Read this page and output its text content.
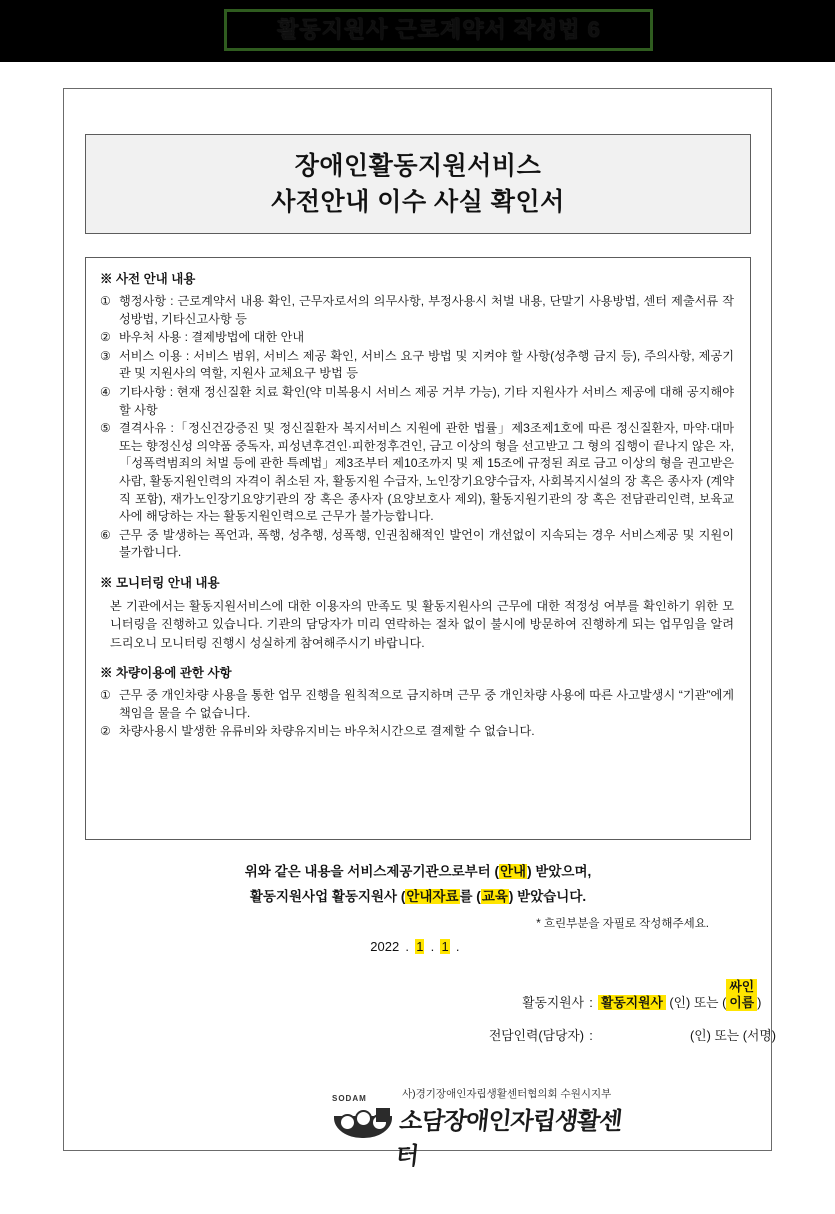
활동지원사 근로계약서 작성법 6
장애인활동지원서비스
사전안내 이수 사실 확인서
※ 사전 안내 내용
① 행정사항 : 근로계약서 내용 확인, 근무자로서의 의무사항, 부정사용시 처벌 내용, 단말기 사용방법, 센터 제출서류 작성방법, 기타신고사항 등
② 바우처 사용 : 결제방법에 대한 안내
③ 서비스 이용 : 서비스 범위, 서비스 제공 확인, 서비스 요구 방법 및 지켜야 할 사항(성추행 금지 등), 주의사항, 제공기관 및 지원사의 역할, 지원사 교체요구 방법 등
④ 기타사항 : 현재 정신질환 치료 확인(약 미복용시 서비스 제공 거부 가능), 기타 지원사가 서비스 제공에 대해 공지해야 할 사항
⑤ 결격사유 :「정신건강증진 및 정신질환자 복지서비스 지원에 관한 법률」제3조제1호에 따른 정신질환자, 마약·대마 또는 향정신성 의약품 중독자, 피성년후견인·피한정후견인, 금고 이상의 형을 선고받고 그 형의 집행이 끝나지 않은 자,「성폭력범죄의 처벌 등에 관한 특례법」제3조부터 제10조까지 및 제 15조에 규정된 죄로 금고 이상의 형을 권고받은 사람, 활동지원인력의 자격이 취소된 자, 활동지원 수급자, 노인장기요양수급자, 사회복지시설의 장 혹은 종사자 (계약직 포함), 재가노인장기요양기관의 장 혹은 종사자 (요양보호사 제외), 활동지원기관의 장 혹은 전담관리인력, 보육교사에 해당하는 자는 활동지원인력으로 근무가 불가능합니다.
⑥ 근무 중 발생하는 폭언과, 폭행, 성추행, 성폭행, 인권침해적인 발언이 개선없이 지속되는 경우 서비스제공 및 지원이 불가합니다.
※ 모니터링 안내 내용
본 기관에서는 활동지원서비스에 대한 이용자의 만족도 및 활동지원사의 근무에 대한 적정성 여부를 확인하기 위한 모니터링을 진행하고 있습니다. 기관의 담당자가 미리 연락하는 절차 없이 불시에 방문하여 진행하게 되는 업무임을 알려드리오니 모니터링 진행시 성실하게 참여해주시기 바랍니다.
※ 차량이용에 관한 사항
① 근무 중 개인차량 사용을 통한 업무 진행을 원칙적으로 금지하며 근무 중 개인차량 사용에 따른 사고발생시 “기관”에게 책임을 물을 수 없습니다.
② 차량사용시 발생한 유류비와 차량유지비는 바우처시간으로 결제할 수 없습니다.
위와 같은 내용을 서비스제공기관으로부터 (안내) 받았으며,
활동지원사업 활동지원사 (안내자료를 (교육) 받았습니다.
* 흐린부분을 자필로 작성해주세요.
2022 . 1 . 1 .
활동지원사 : 활동지원사 (인) 또는 (싸인
이름 )
전담인력(담당자) :	(인) 또는 (서명)
SODAM	사)경기장애인자립생활센터협의회 수원시지부
소담장애인자립생활센터
